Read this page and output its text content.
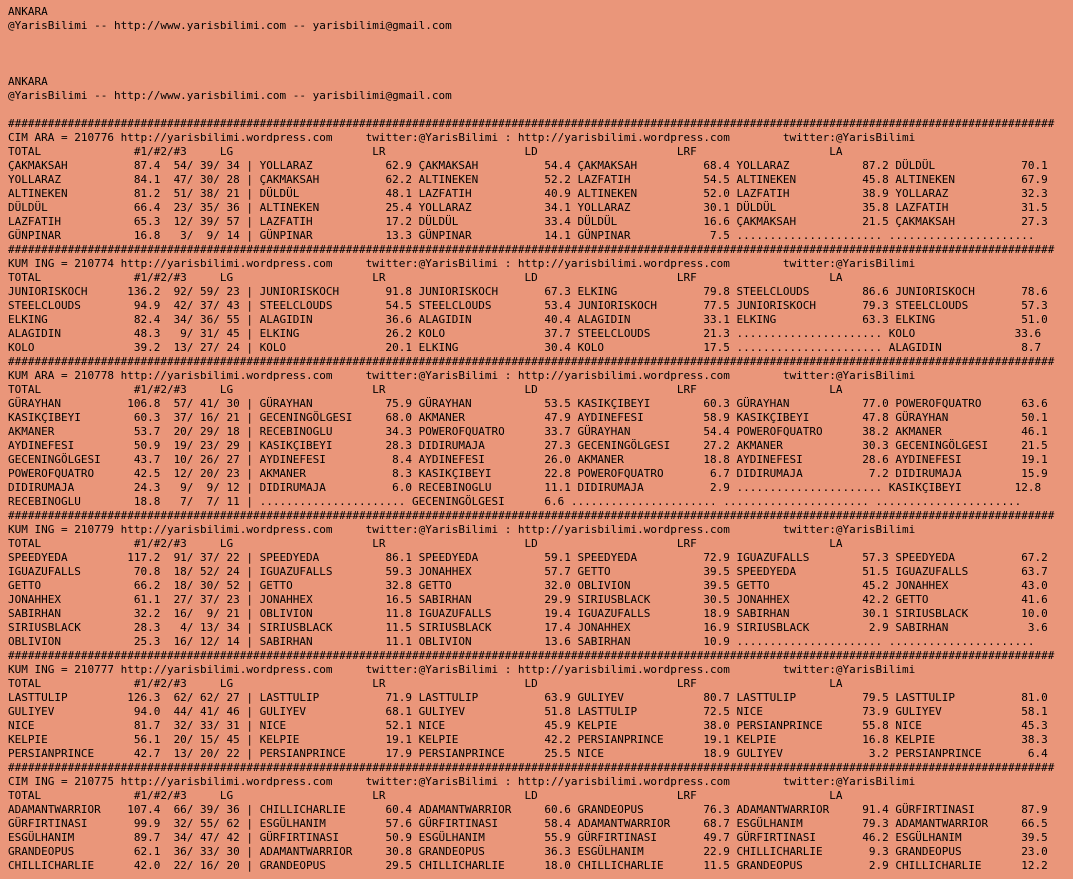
ANKARA
@YarisBilimi -- http://www.yarisbilimi.com -- yarisbilimi@gmail.com
ANKARA
@YarisBilimi -- http://www.yarisbilimi.com -- yarisbilimi@gmail.com
##############################################################################################################################################################
CIM ARA = 210776 http://yarisbilimi.wordpress.com     twitter:@YarisBilimi : http://yarisbilimi.wordpress.com        twitter:@YarisBilimi
TOTAL              #1/#2/#3     LG                     LR                     LD                     LRF                    LA
ÇAKMAKSAH          87.4  54/ 39/ 34 | YOLLARAZ           62.9 ÇAKMAKSAH          54.4 ÇAKMAKSAH          68.4 YOLLARAZ           87.2 DÜLDÜL             70.1
YOLLARAZ           84.1  47/ 30/ 28 | ÇAKMAKSAH          62.2 ALTINEKEN          52.2 LAZFATIH           54.5 ALTINEKEN          45.8 ALTINEKEN          67.9
ALTINEKEN          81.2  51/ 38/ 21 | DÜLDÜL             48.1 LAZFATIH           40.9 ALTINEKEN          52.0 LAZFATIH           38.9 YOLLARAZ           32.3
DÜLDÜL             66.4  23/ 35/ 36 | ALTINEKEN          25.4 YOLLARAZ           34.1 YOLLARAZ           30.1 DÜLDÜL             35.8 LAZFATIH           31.5
LAZFATIH           65.3  12/ 39/ 57 | LAZFATIH           17.2 DÜLDÜL             33.4 DÜLDÜL             16.6 ÇAKMAKSAH          21.5 ÇAKMAKSAH          27.3
GÜNPINAR           16.8   3/  9/ 14 | GÜNPINAR           13.3 GÜNPINAR           14.1 GÜNPINAR            7.5 ...................... ......................
##############################################################################################################################################################
KUM ING = 210774 http://yarisbilimi.wordpress.com     twitter:@YarisBilimi : http://yarisbilimi.wordpress.com        twitter:@YarisBilimi
TOTAL              #1/#2/#3     LG                     LR                     LD                     LRF                    LA
JUNIORISKOCH      136.2  92/ 59/ 23 | JUNIORISKOCH       91.8 JUNIORISKOCH       67.3 ELKING             79.8 STEELCLOUDS        86.6 JUNIORISKOCH       78.6
STEELCLOUDS        94.9  42/ 37/ 43 | STEELCLOUDS        54.5 STEELCLOUDS        53.4 JUNIORISKOCH       77.5 JUNIORISKOCH       79.3 STEELCLOUDS        57.3
ELKING             82.4  34/ 36/ 55 | ALAGIDIN           36.6 ALAGIDIN           40.4 ALAGIDIN           33.1 ELKING             63.3 ELKING             51.0
ALAGIDIN           48.3   9/ 31/ 45 | ELKING             26.2 KOLO               37.7 STEELCLOUDS        21.3 ...................... KOLO               33.6
KOLO               39.2  13/ 27/ 24 | KOLO               20.1 ELKING             30.4 KOLO               17.5 ...................... ALAGIDIN            8.7
##############################################################################################################################################################
KUM ARA = 210778 http://yarisbilimi.wordpress.com     twitter:@YarisBilimi : http://yarisbilimi.wordpress.com        twitter:@YarisBilimi
TOTAL              #1/#2/#3     LG                     LR                     LD                     LRF                    LA
GÜRAYHAN          106.8  57/ 41/ 30 | GÜRAYHAN           75.9 GÜRAYHAN           53.5 KASIKÇIBEYI        60.3 GÜRAYHAN           77.0 POWEROFQUATRO      63.6
KASIKÇIBEYI        60.3  37/ 16/ 21 | GECENINGÖLGESI     68.0 AKMANER            47.9 AYDINEFESI         58.9 KASIKÇIBEYI        47.8 GÜRAYHAN           50.1
AKMANER            53.7  20/ 29/ 18 | RECEBINOGLU        34.3 POWEROFQUATRO      33.7 GÜRAYHAN           54.4 POWEROFQUATRO      38.2 AKMANER            46.1
AYDINEFESI         50.9  19/ 23/ 29 | KASIKÇIBEYI        28.3 DIDIRUMAJA         27.3 GECENINGÖLGESI     27.2 AKMANER            30.3 GECENINGÖLGESI     21.5
GECENINGÖLGESI     43.7  10/ 26/ 27 | AYDINEFESI          8.4 AYDINEFESI         26.0 AKMANER            18.8 AYDINEFESI         28.6 AYDINEFESI         19.1
POWEROFQUATRO      42.5  12/ 20/ 23 | AKMANER             8.3 KASIKÇIBEYI        22.8 POWEROFQUATRO       6.7 DIDIRUMAJA          7.2 DIDIRUMAJA         15.9
DIDIRUMAJA         24.3   9/  9/ 12 | DIDIRUMAJA          6.0 RECEBINOGLU        11.1 DIDIRUMAJA          2.9 ...................... KASIKÇIBEYI        12.8
RECEBINOGLU        18.8   7/  7/ 11 | ...................... GECENINGÖLGESI      6.6 ...................... ...................... ......................
##############################################################################################################################################################
KUM ING = 210779 http://yarisbilimi.wordpress.com     twitter:@YarisBilimi : http://yarisbilimi.wordpress.com        twitter:@YarisBilimi
TOTAL              #1/#2/#3     LG                     LR                     LD                     LRF                    LA
SPEEDYEDA         117.2  91/ 37/ 22 | SPEEDYEDA          86.1 SPEEDYEDA          59.1 SPEEDYEDA          72.9 IGUAZUFALLS        57.3 SPEEDYEDA          67.2
IGUAZUFALLS        70.8  18/ 52/ 24 | IGUAZUFALLS        59.3 JONAHHEX           57.7 GETTO              39.5 SPEEDYEDA          51.5 IGUAZUFALLS        63.7
GETTO              66.2  18/ 30/ 52 | GETTO              32.8 GETTO              32.0 OBLIVION           39.5 GETTO              45.2 JONAHHEX           43.0
JONAHHEX           61.1  27/ 37/ 23 | JONAHHEX           16.5 SABIRHAN           29.9 SIRIUSBLACK        30.5 JONAHHEX           42.2 GETTO              41.6
SABIRHAN           32.2  16/  9/ 21 | OBLIVION           11.8 IGUAZUFALLS        19.4 IGUAZUFALLS        18.9 SABIRHAN           30.1 SIRIUSBLACK        10.0
SIRIUSBLACK        28.3   4/ 13/ 34 | SIRIUSBLACK        11.5 SIRIUSBLACK        17.4 JONAHHEX           16.9 SIRIUSBLACK         2.9 SABIRHAN            3.6
OBLIVION           25.3  16/ 12/ 14 | SABIRHAN           11.1 OBLIVION           13.6 SABIRHAN           10.9 ...................... ......................
##############################################################################################################################################################
KUM ING = 210777 http://yarisbilimi.wordpress.com     twitter:@YarisBilimi : http://yarisbilimi.wordpress.com        twitter:@YarisBilimi
TOTAL              #1/#2/#3     LG                     LR                     LD                     LRF                    LA
LASTTULIP         126.3  62/ 62/ 27 | LASTTULIP          71.9 LASTTULIP          63.9 GULIYEV            80.7 LASTTULIP          79.5 LASTTULIP          81.0
GULIYEV            94.0  44/ 41/ 46 | GULIYEV            68.1 GULIYEV            51.8 LASTTULIP          72.5 NICE               73.9 GULIYEV            58.1
NICE               81.7  32/ 33/ 31 | NICE               52.1 NICE               45.9 KELPIE             38.0 PERSIANPRINCE      55.8 NICE               45.3
KELPIE             56.1  20/ 15/ 45 | KELPIE             19.1 KELPIE             42.2 PERSIANPRINCE      19.1 KELPIE             16.8 KELPIE             38.3
PERSIANPRINCE      42.7  13/ 20/ 22 | PERSIANPRINCE      17.9 PERSIANPRINCE      25.5 NICE               18.9 GULIYEV             3.2 PERSIANPRINCE       6.4
##############################################################################################################################################################
CIM ING = 210775 http://yarisbilimi.wordpress.com     twitter:@YarisBilimi : http://yarisbilimi.wordpress.com        twitter:@YarisBilimi
TOTAL              #1/#2/#3     LG                     LR                     LD                     LRF                    LA
ADAMANTWARRIOR    107.4  66/ 39/ 36 | CHILLICHARLIE      60.4 ADAMANTWARRIOR     60.6 GRANDEOPUS         76.3 ADAMANTWARRIOR     91.4 GÜRFIRTINASI       87.9
GÜRFIRTINASI       99.9  32/ 55/ 62 | ESGÜLHANIM         57.6 GÜRFIRTINASI       58.4 ADAMANTWARRIOR     68.7 ESGÜLHANIM         79.3 ADAMANTWARRIOR     66.5
ESGÜLHANIM         89.7  34/ 47/ 42 | GÜRFIRTINASI       50.9 ESGÜLHANIM         55.9 GÜRFIRTINASI       49.7 GÜRFIRTINASI       46.2 ESGÜLHANIM         39.5
GRANDEOPUS         62.1  36/ 33/ 30 | ADAMANTWARRIOR     30.8 GRANDEOPUS         36.3 ESGÜLHANIM         22.9 CHILLICHARLIE       9.3 GRANDEOPUS         23.0
CHILLICHARLIE      42.0  22/ 16/ 20 | GRANDEOPUS         29.5 CHILLICHARLIE      18.0 CHILLICHARLIE      11.5 GRANDEOPUS          2.9 CHILLICHARLIE      12.2
